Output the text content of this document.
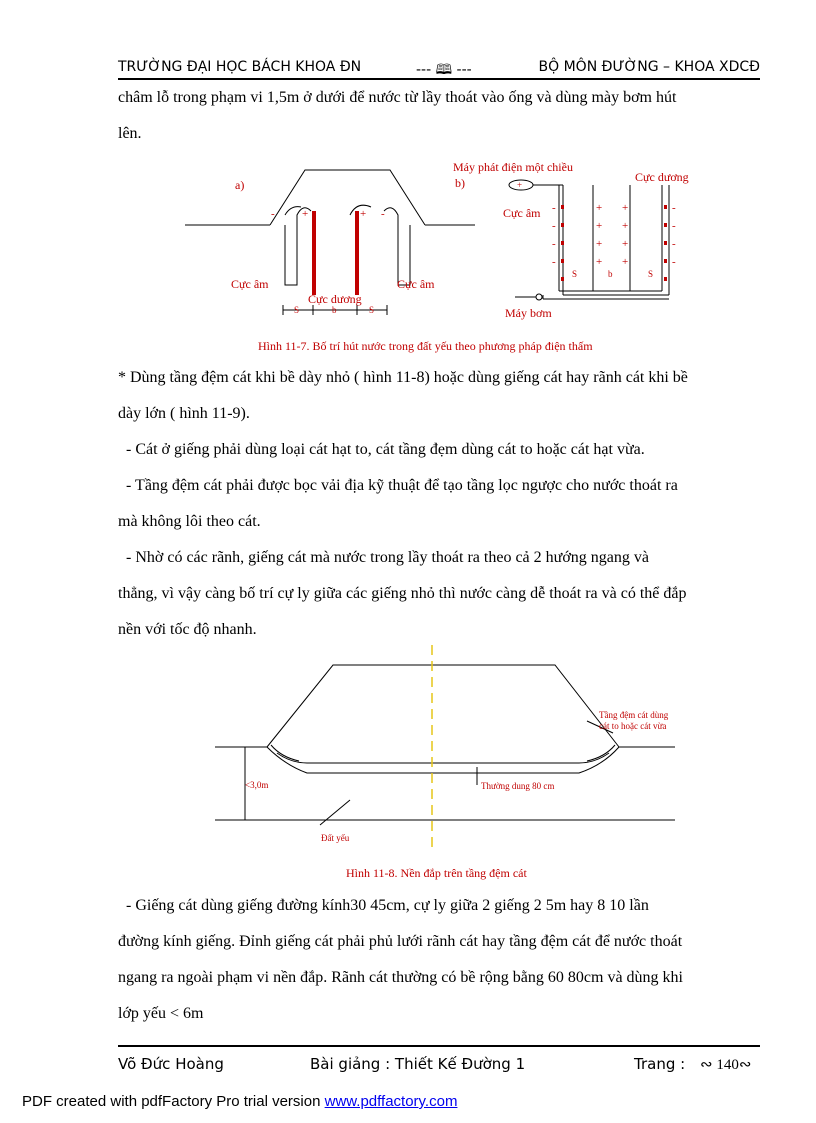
TRƯỜNG ĐẠI HỌC BÁCH KHOA ĐN	--- 🕮 ---	BỘ MÔN ĐƯỜNG – KHOA XDCĐ
châm lỗ trong phạm vi 1,5m ở dưới để nước từ lầy thoát vào ống và dùng mày bơm hút
lên.
a)
- +	+ -
Cực âm	Cực âm
Cực dương
S	b	S
+
Máy phát điện một chiều
b)	Cực dương
Cực âm
Máy bơm
S	b	S
-
-
-
-
+
+
+
+
+
+
+
+
-
-
-
-
Hình 11-7. Bố trí hút nước trong đất yếu theo phương pháp điện thấm
* Dùng tầng đệm cát khi bề dày nhỏ ( hình 11-8) hoặc dùng giếng cát hay rãnh cát khi bề
dày lớn ( hình 11-9).
- Cát ở giếng phải dùng loại cát hạt to, cát tầng đẹm dùng cát to hoặc cát hạt vừa.
- Tầng đệm cát phải được bọc vải địa kỹ thuật để tạo tầng lọc ngược cho nước thoát ra
mà không lôi theo cát.
- Nhờ có các rãnh, giếng cát mà nước trong lầy thoát ra theo cả 2 hướng ngang và
thẳng, vì vậy càng bố trí cự ly giữa các giếng nhỏ thì nước càng dễ thoát ra và có thể đắp
nền với tốc độ nhanh.
Tầng đệm cát dùng
cát to hoặc cát vừa
<3,0m	Thường dung 80 cm
Đất yếu
Hình 11-8. Nền đắp trên tầng đệm cát
- Giếng cát dùng giếng đường kính30 45cm, cự ly giữa 2 giếng 2 5m hay 8 10 lần
đường kính giếng. Đỉnh giếng cát phải phủ lưới rãnh cát hay tầng đệm cát để nước thoát
ngang ra ngoài phạm vi nền đắp. Rãnh cát thường có bề rộng bằng 60 80cm và dùng khi
lớp yếu < 6m
Võ Đức Hoàng	Bài giảng : Thiết Kế Đường 1	Trang : ∾ 140∾
PDF created with pdfFactory Pro trial version www.pdffactory.com
